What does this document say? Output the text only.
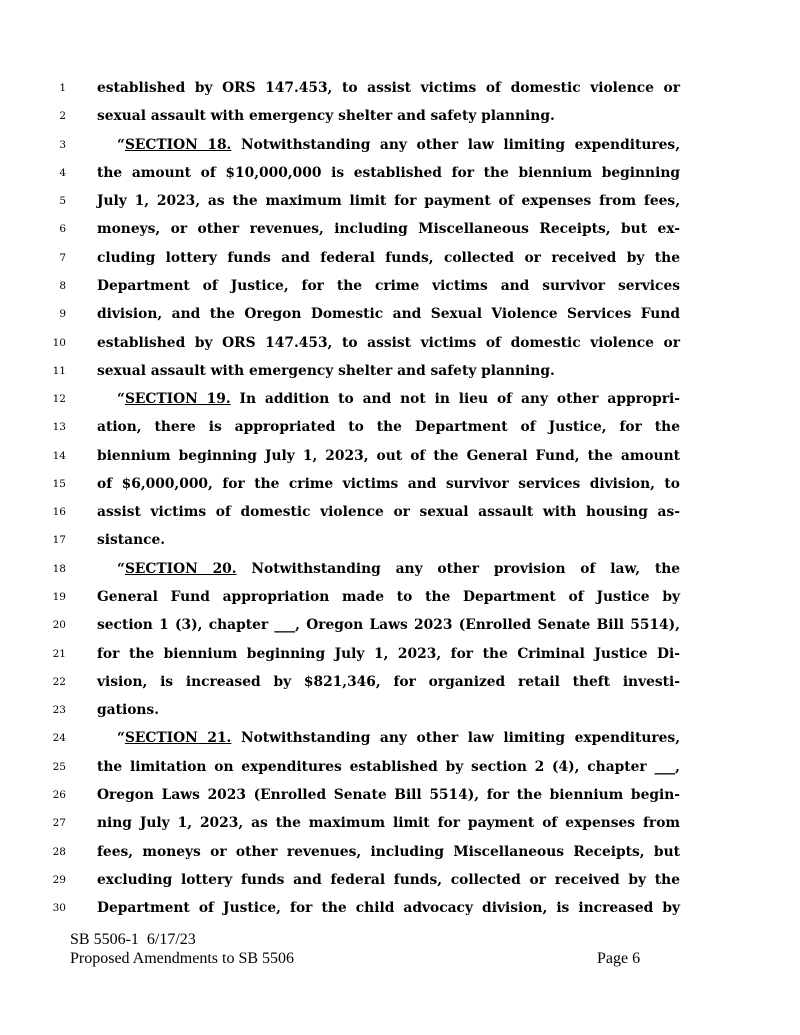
1 established by ORS 147.453, to assist victims of domestic violence or
2 sexual assault with emergency shelter and safety planning.
3	“SECTION 18. Notwithstanding any other law limiting expenditures,
4 the amount of $10,000,000 is established for the biennium beginning
5 July 1, 2023, as the maximum limit for payment of expenses from fees,
6 moneys, or other revenues, including Miscellaneous Receipts, but ex-
7 cluding lottery funds and federal funds, collected or received by the
8 Department of Justice, for the crime victims and survivor services
9 division, and the Oregon Domestic and Sexual Violence Services Fund
10 established by ORS 147.453, to assist victims of domestic violence or
11 sexual assault with emergency shelter and safety planning.
12	“SECTION 19. In addition to and not in lieu of any other appropri-
13 ation, there is appropriated to the Department of Justice, for the
14 biennium beginning July 1, 2023, out of the General Fund, the amount
15 of $6,000,000, for the crime victims and survivor services division, to
16 assist victims of domestic violence or sexual assault with housing as-
17 sistance.
18	“SECTION 20. Notwithstanding any other provision of law, the
19 General Fund appropriation made to the Department of Justice by
20 section 1 (3), chapter ___, Oregon Laws 2023 (Enrolled Senate Bill 5514),
21 for the biennium beginning July 1, 2023, for the Criminal Justice Di-
22 vision, is increased by $821,346, for organized retail theft investi-
23 gations.
24	“SECTION 21. Notwithstanding any other law limiting expenditures,
25 the limitation on expenditures established by section 2 (4), chapter ___,
26 Oregon Laws 2023 (Enrolled Senate Bill 5514), for the biennium begin-
27 ning July 1, 2023, as the maximum limit for payment of expenses from
28 fees, moneys or other revenues, including Miscellaneous Receipts, but
29 excluding lottery funds and federal funds, collected or received by the
30 Department of Justice, for the child advocacy division, is increased by
SB 5506-1  6/17/23
Proposed Amendments to SB 5506	Page 6
